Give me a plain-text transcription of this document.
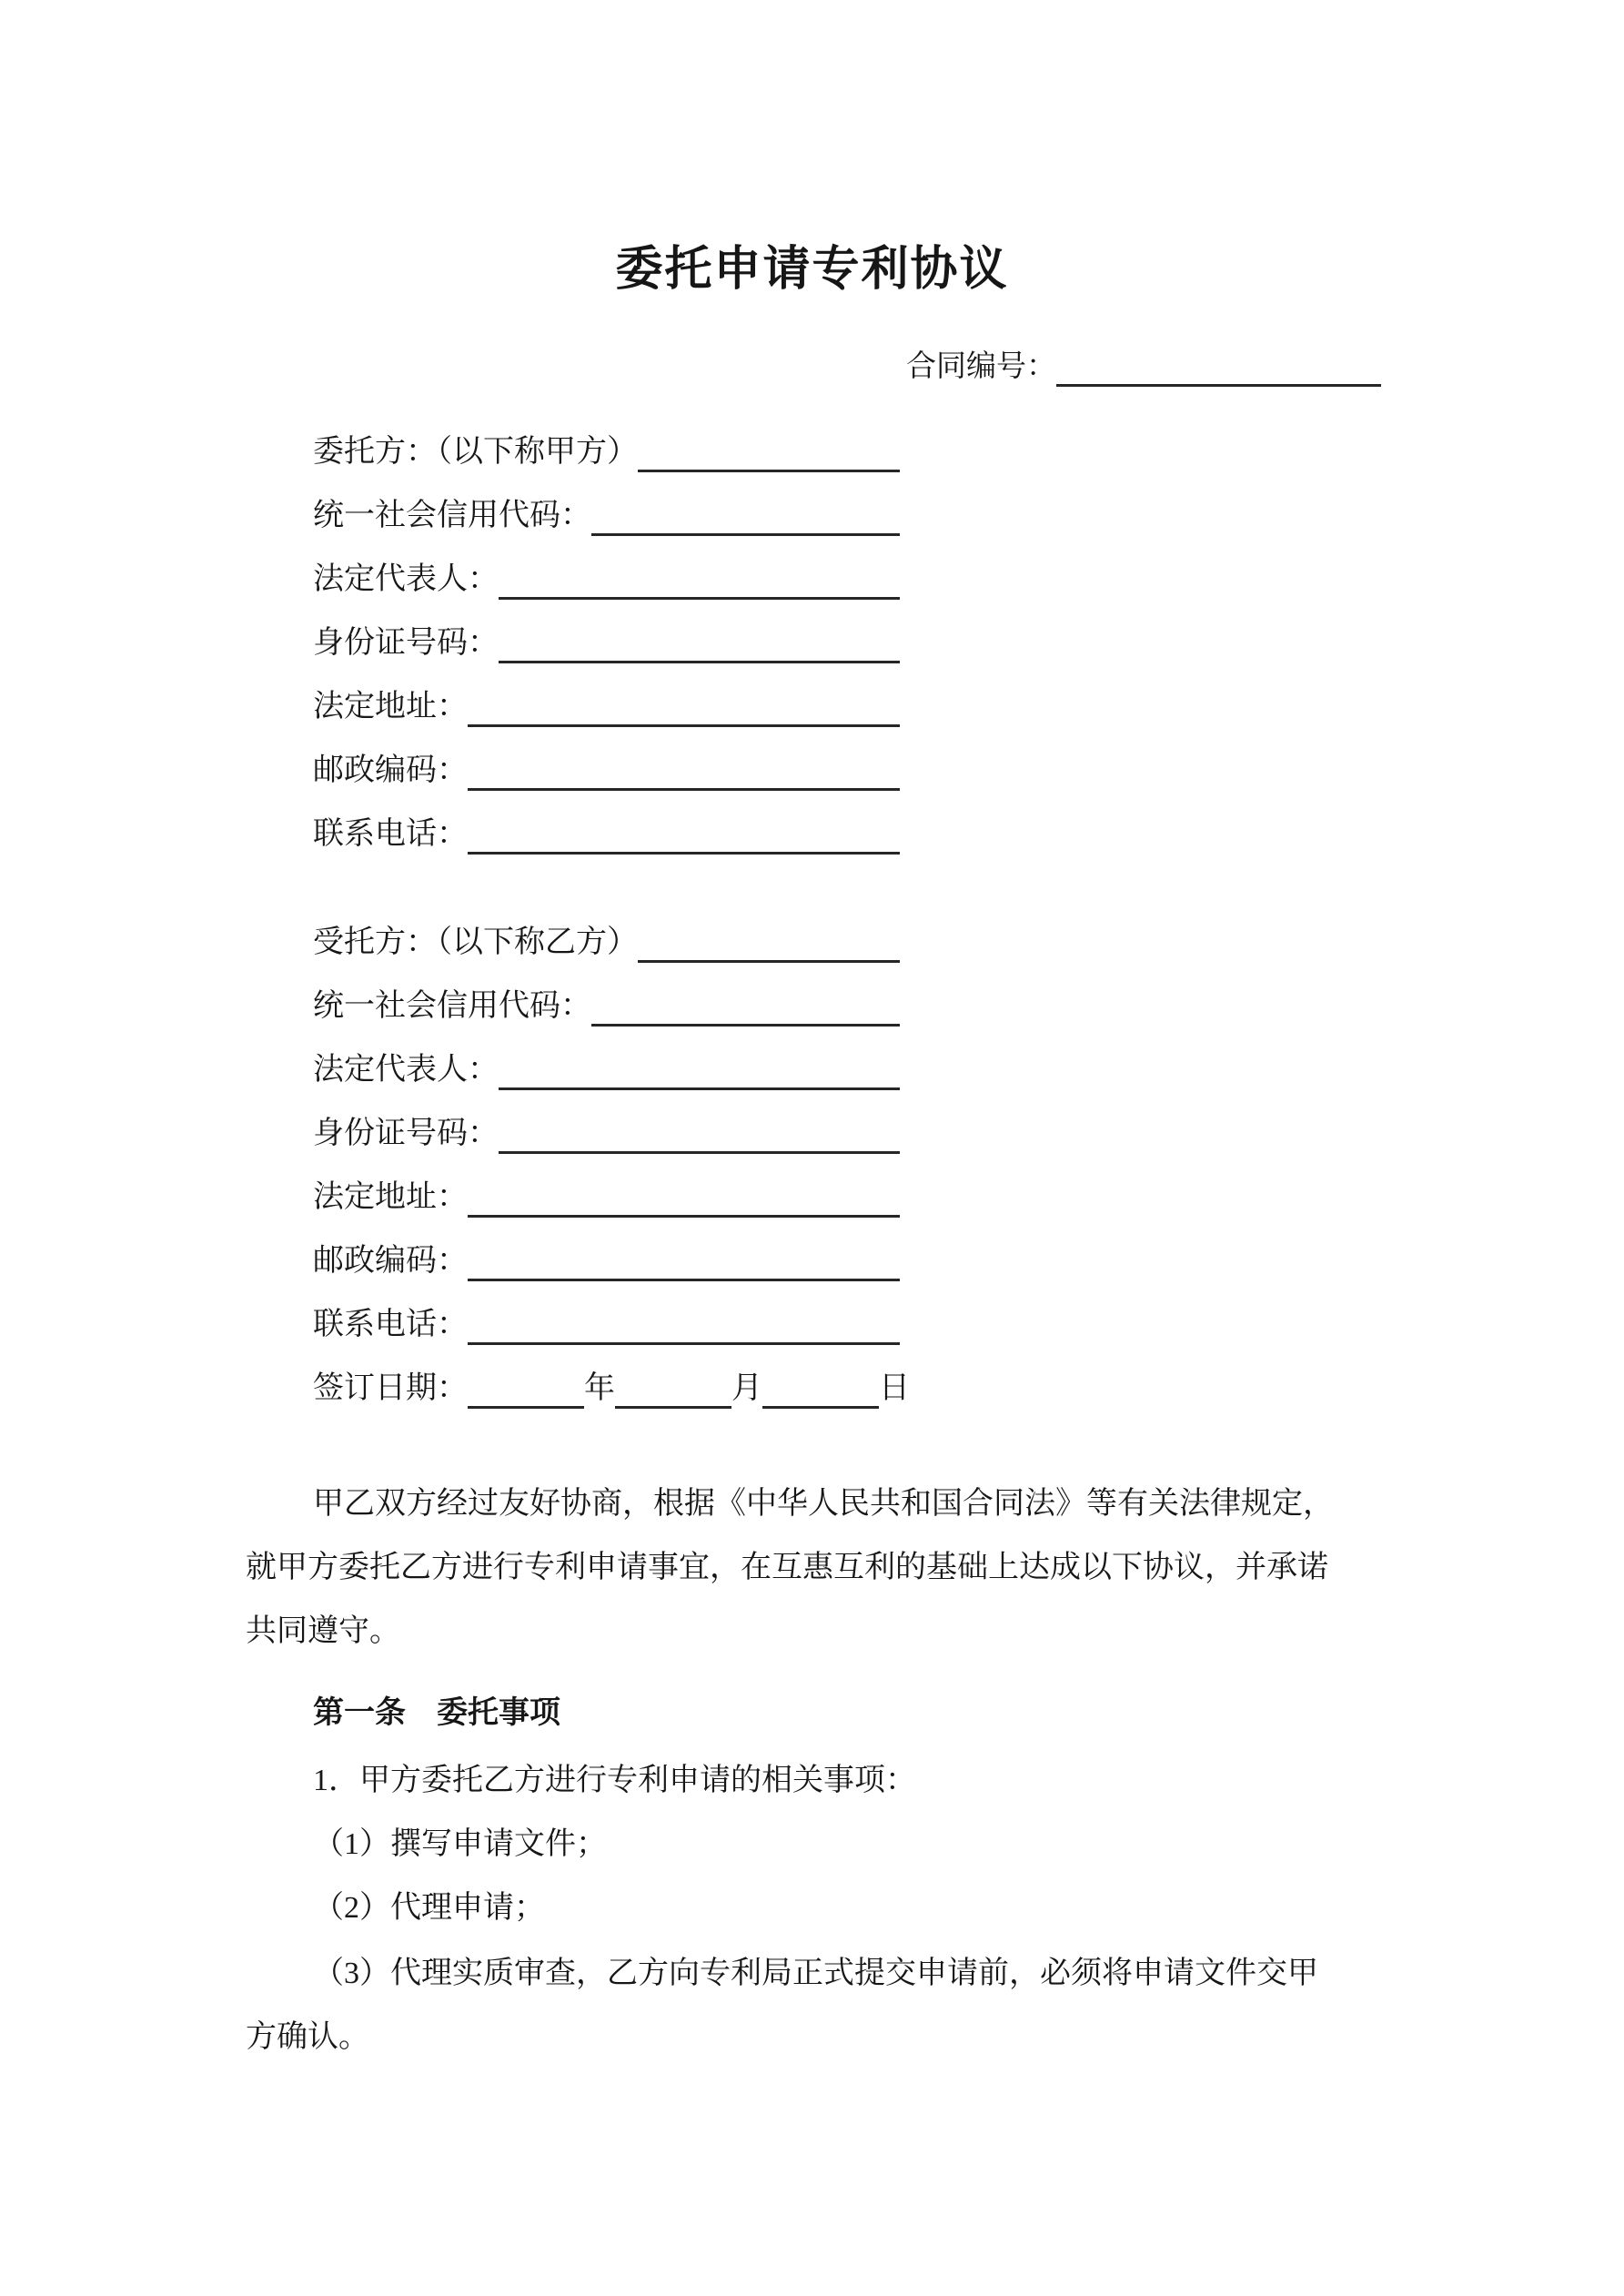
委托申请专利协议
合同编号：
委托方：（以下称甲方）
统一社会信用代码：
法定代表人：
身份证号码：
法定地址：
邮政编码：
联系电话：
受托方：（以下称乙方）
统一社会信用代码：
法定代表人：
身份证号码：
法定地址：
邮政编码：
联系电话：
签订日期：	年	月	日
甲乙双方经过友好协商，根据《中华人民共和国合同法》等有关法律规定，
就甲方委托乙方进行专利申请事宜，在互惠互利的基础上达成以下协议，并承诺
共同遵守。
第一条　委托事项
1．甲方委托乙方进行专利申请的相关事项：
（1）撰写申请文件；
（2）代理申请；
（3）代理实质审查，乙方向专利局正式提交申请前，必须将申请文件交甲
方确认。
